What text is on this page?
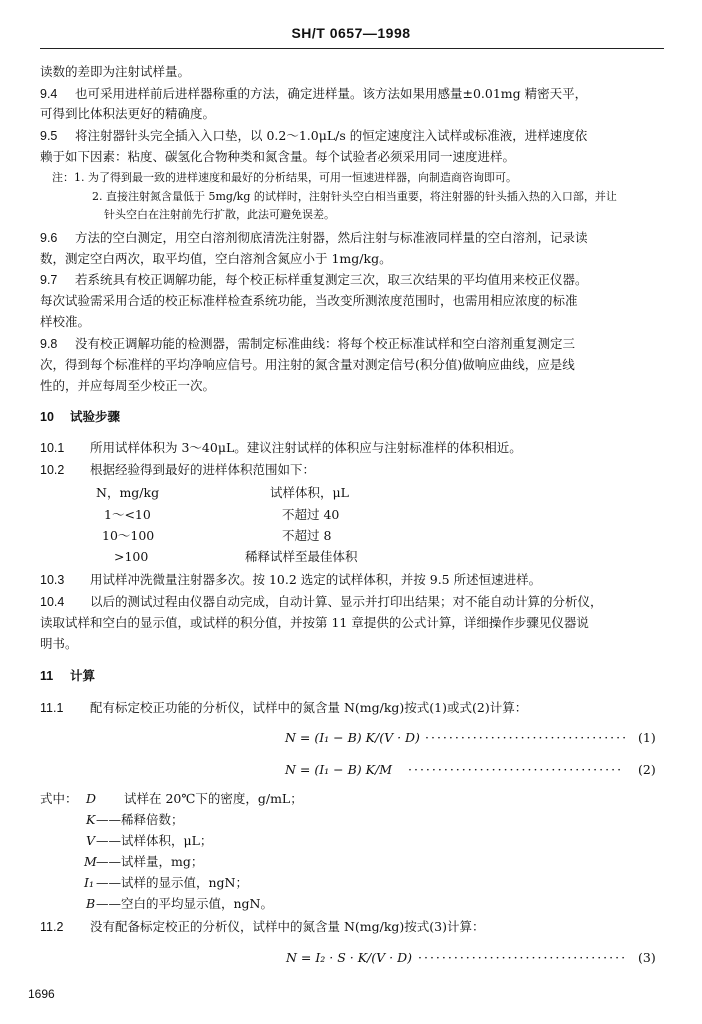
SH/T 0657—1998
读数的差即为注射试样量。
9.4 也可采用进样前后进样器称重的方法，确定进样量。该方法如果用感量±0.01mg 精密天平，
可得到比体积法更好的精确度。
9.5 将注射器针头完全插入入口垫，以 0.2～1.0μL/s 的恒定速度注入试样或标准液，进样速度依
赖于如下因素：粘度、碳氢化合物种类和氮含量。每个试验者必须采用同一速度进样。
注：1. 为了得到最一致的进样速度和最好的分析结果，可用一恒速进样器，向制造商咨询即可。
2. 直接注射氮含量低于 5mg/kg 的试样时，注射针头空白相当重要，将注射器的针头插入热的入口部，并让
针头空白在注射前先行扩散，此法可避免误差。
9.6 方法的空白测定，用空白溶剂彻底清洗注射器，然后注射与标准液同样量的空白溶剂，记录读
数，测定空白两次，取平均值，空白溶剂含氮应小于 1mg/kg。
9.7 若系统具有校正调解功能，每个校正标样重复测定三次，取三次结果的平均值用来校正仪器。
每次试验需采用合适的校正标准样检查系统功能，当改变所测浓度范围时，也需用相应浓度的标准
样校准。
9.8 没有校正调解功能的检测器，需制定标准曲线：将每个校正标准试样和空白溶剂重复测定三
次，得到每个标准样的平均净响应信号。用注射的氮含量对测定信号(积分值)做响应曲线，应是线
性的，并应每周至少校正一次。
10 试验步骤
10.1 所用试样体积为 3～40μL。建议注射试样的体积应与注射标准样的体积相近。
10.2 根据经验得到最好的进样体积范围如下：
10.3 用试样冲洗微量注射器多次。按 10.2 选定的试样体积，并按 9.5 所述恒速进样。
10.4 以后的测试过程由仪器自动完成，自动计算、显示并打印出结果；对不能自动计算的分析仪，
读取试样和空白的显示值，或试样的积分值，并按第 11 章提供的公式计算，详细操作步骤见仪器说
明书。
11 计算
11.1 配有标定校正功能的分析仪，试样中的氮含量 N(mg/kg)按式(1)或式(2)计算：
式中：
11.2 没有配备标定校正的分析仪，试样中的氮含量 N(mg/kg)按式(3)计算：
N，mg/kg	试样体积，μL
1～<10	不超过 40
10～100	不超过 8
>100	稀释试样至最佳体积
N = (I₁ − B) K/(V · D) ·································· (1)
N = (I₁ − B) K/M ···································· (2)
N = I₂ · S · K/(V · D) ··································· (3)
D 试样在 20℃下的密度，g/mL；
K ——稀释倍数；
V ——试样体积，μL；
M ——试样量，mg；
I₁ ——试样的显示值，ngN；
B ——空白的平均显示值，ngN。
1696
